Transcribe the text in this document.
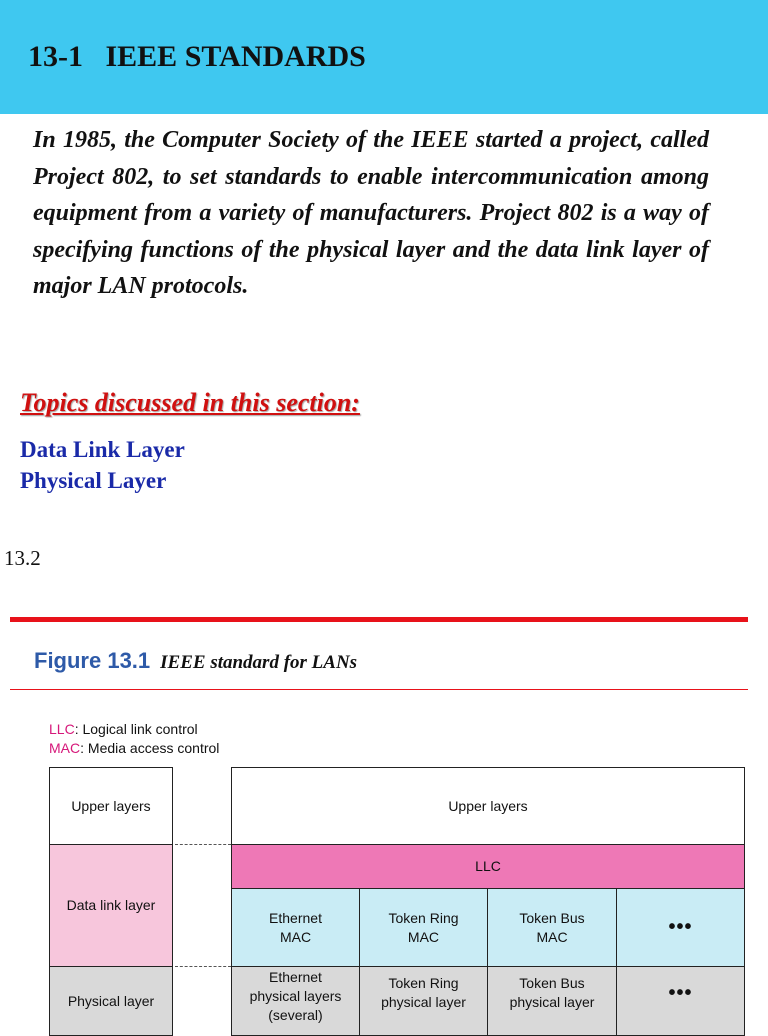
13-1   IEEE STANDARDS
In 1985, the Computer Society of the IEEE started a project, called Project 802, to set standards to enable intercommunication among equipment from a variety of manufacturers. Project 802 is a way of specifying functions of the physical layer and the data link layer of major LAN protocols.
Topics discussed in this section:
Data Link Layer
Physical Layer
13.2
Figure 13.1 IEEE standard for LANs
LLC: Logical link control
MAC: Media access control
Upper layers
Data link layer
Physical layer
Upper layers
LLC
Ethernet
MAC
Token Ring
MAC
Token Bus
MAC	•••
Ethernet
physical layers
(several)
Token Ring
physical layer
Token Bus
physical layer	•••
